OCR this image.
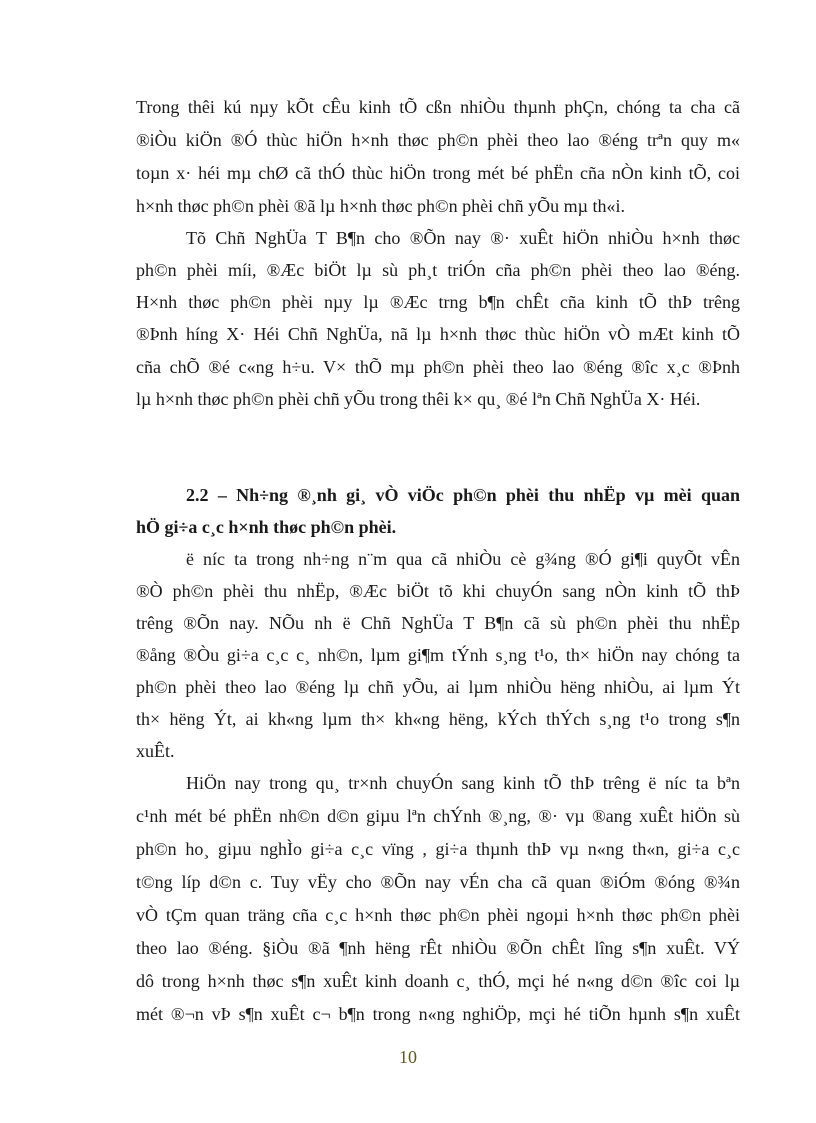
Trong thêi kú nµy kÕt cÊu kinh tÕ cßn nhiÒu thµnh phÇn, chóng ta cha cã
®iÒu kiÖn ®Ó thùc hiÖn h×nh thøc ph©n phèi theo lao ®éng trªn quy m«
toµn x· héi mµ chØ cã thÓ thùc hiÖn trong mét bé phËn cña nÒn kinh tÕ, coi
h×nh thøc ph©n phèi ®ã lµ h×nh thøc ph©n phèi chñ yÕu mµ th«i.
Tõ Chñ NghÜa T B¶n cho ®Õn nay ®· xuÊt hiÖn nhiÒu h×nh thøc
ph©n phèi míi, ®Æc biÖt lµ sù ph¸t triÓn cña ph©n phèi theo lao ®éng.
H×nh thøc ph©n phèi nµy lµ ®Æc trng b¶n chÊt cña kinh tÕ thÞ trêng
®Þnh híng X· Héi Chñ NghÜa, nã lµ h×nh thøc thùc hiÖn vÒ mÆt kinh tÕ
cña chÕ ®é c«ng h÷u. V× thÕ mµ ph©n phèi theo lao ®éng ®îc x¸c ®Þnh
lµ h×nh thøc ph©n phèi chñ yÕu trong thêi k× qu¸ ®é lªn Chñ NghÜa X· Héi.
2.2 – Nh÷ng ®¸nh gi¸ vÒ viÖc ph©n phèi thu nhËp vµ mèi quan
hÖ gi÷a c¸c h×nh thøc ph©n phèi.
ë níc ta trong nh÷ng n¨m qua cã nhiÒu cè g¾ng ®Ó gi¶i quyÕt vÊn
®Ò ph©n phèi thu nhËp, ®Æc biÖt tõ khi chuyÓn sang nÒn kinh tÕ thÞ
trêng ®Õn nay. NÕu nh ë Chñ NghÜa T B¶n cã sù ph©n phèi thu nhËp
®ång ®Òu gi÷a c¸c c¸ nh©n, lµm gi¶m tÝnh s¸ng t¹o, th× hiÖn nay chóng ta
ph©n phèi theo lao ®éng lµ chñ yÕu, ai lµm nhiÒu hëng nhiÒu, ai lµm Ýt
th× hëng Ýt, ai kh«ng lµm th× kh«ng hëng, kÝch thÝch s¸ng t¹o trong s¶n
xuÊt.
HiÖn nay trong qu¸ tr×nh chuyÓn sang kinh tÕ thÞ trêng ë níc ta bªn
c¹nh mét bé phËn nh©n d©n giµu lªn chÝnh ®¸ng, ®· vµ ®ang xuÊt hiÖn sù
ph©n ho¸ giµu nghÌo gi÷a c¸c vïng , gi÷a thµnh thÞ vµ n«ng th«n, gi÷a c¸c
t©ng líp d©n c. Tuy vËy cho ®Õn nay vÉn cha cã quan ®iÓm ®óng ®¾n
vÒ tÇm quan träng cña c¸c h×nh thøc ph©n phèi ngoµi h×nh thøc ph©n phèi
theo lao ®éng. §iÒu ®ã ¶nh hëng rÊt nhiÒu ®Õn chÊt lîng s¶n xuÊt. VÝ
dô trong h×nh thøc s¶n xuÊt kinh doanh c¸ thÓ, mçi hé n«ng d©n ®îc coi lµ
mét ®¬n vÞ s¶n xuÊt c¬ b¶n trong n«ng nghiÖp, mçi hé tiÕn hµnh s¶n xuÊt
10
